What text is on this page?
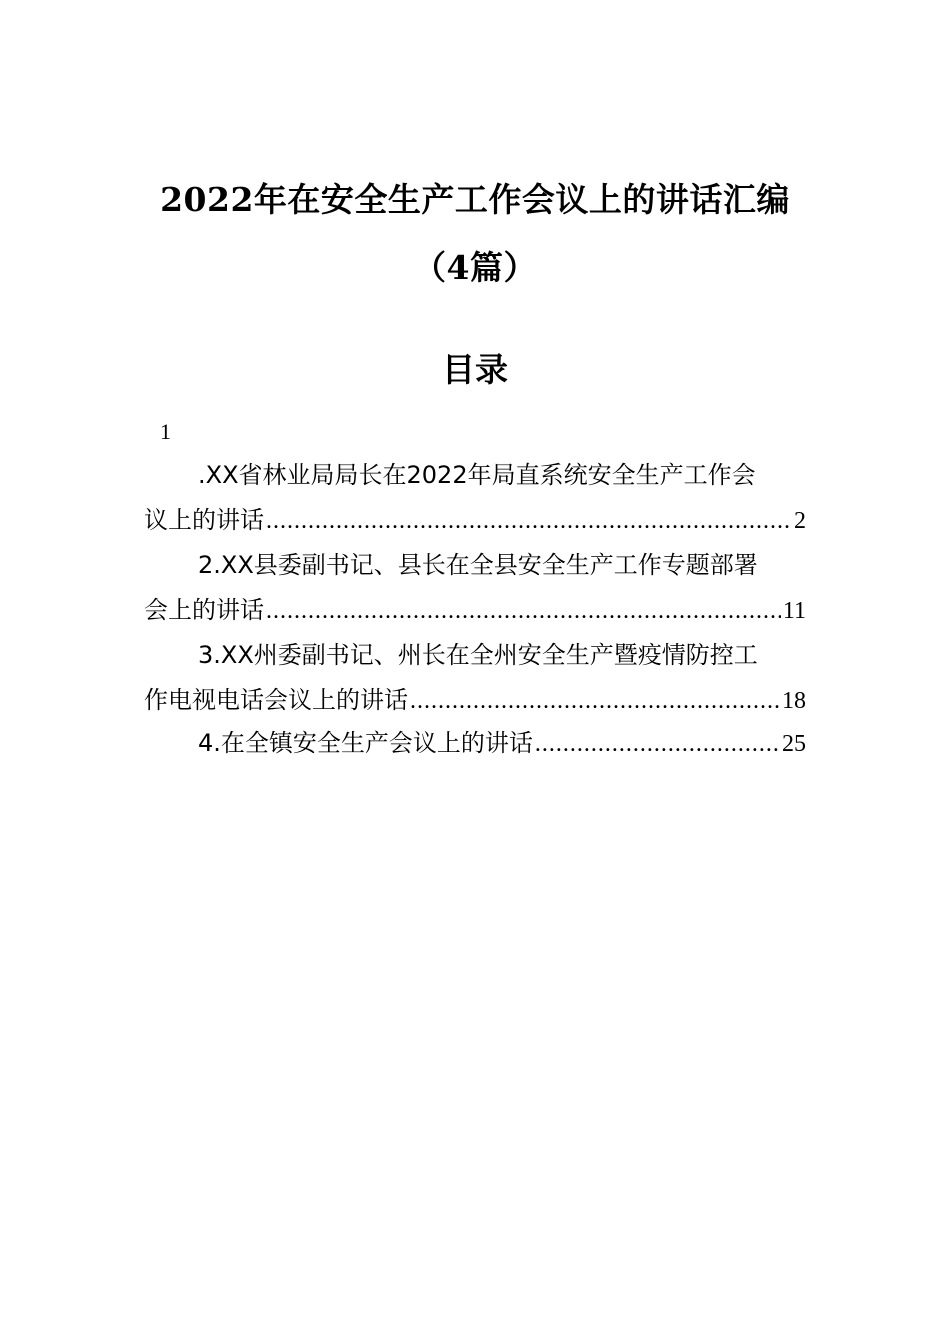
2022年在安全生产工作会议上的讲话汇编
（4篇）
目录
1
.XX省林业局局长在2022年局直系统安全生产工作会
议上的讲话 .....	2
2.XX县委副书记、县长在全县安全生产工作专题部署
会上的讲话 .....	11
3.XX州委副书记、州长在全州安全生产暨疫情防控工
作电视电话会议上的讲话 .....	18
4.在全镇安全生产会议上的讲话 .....	25
